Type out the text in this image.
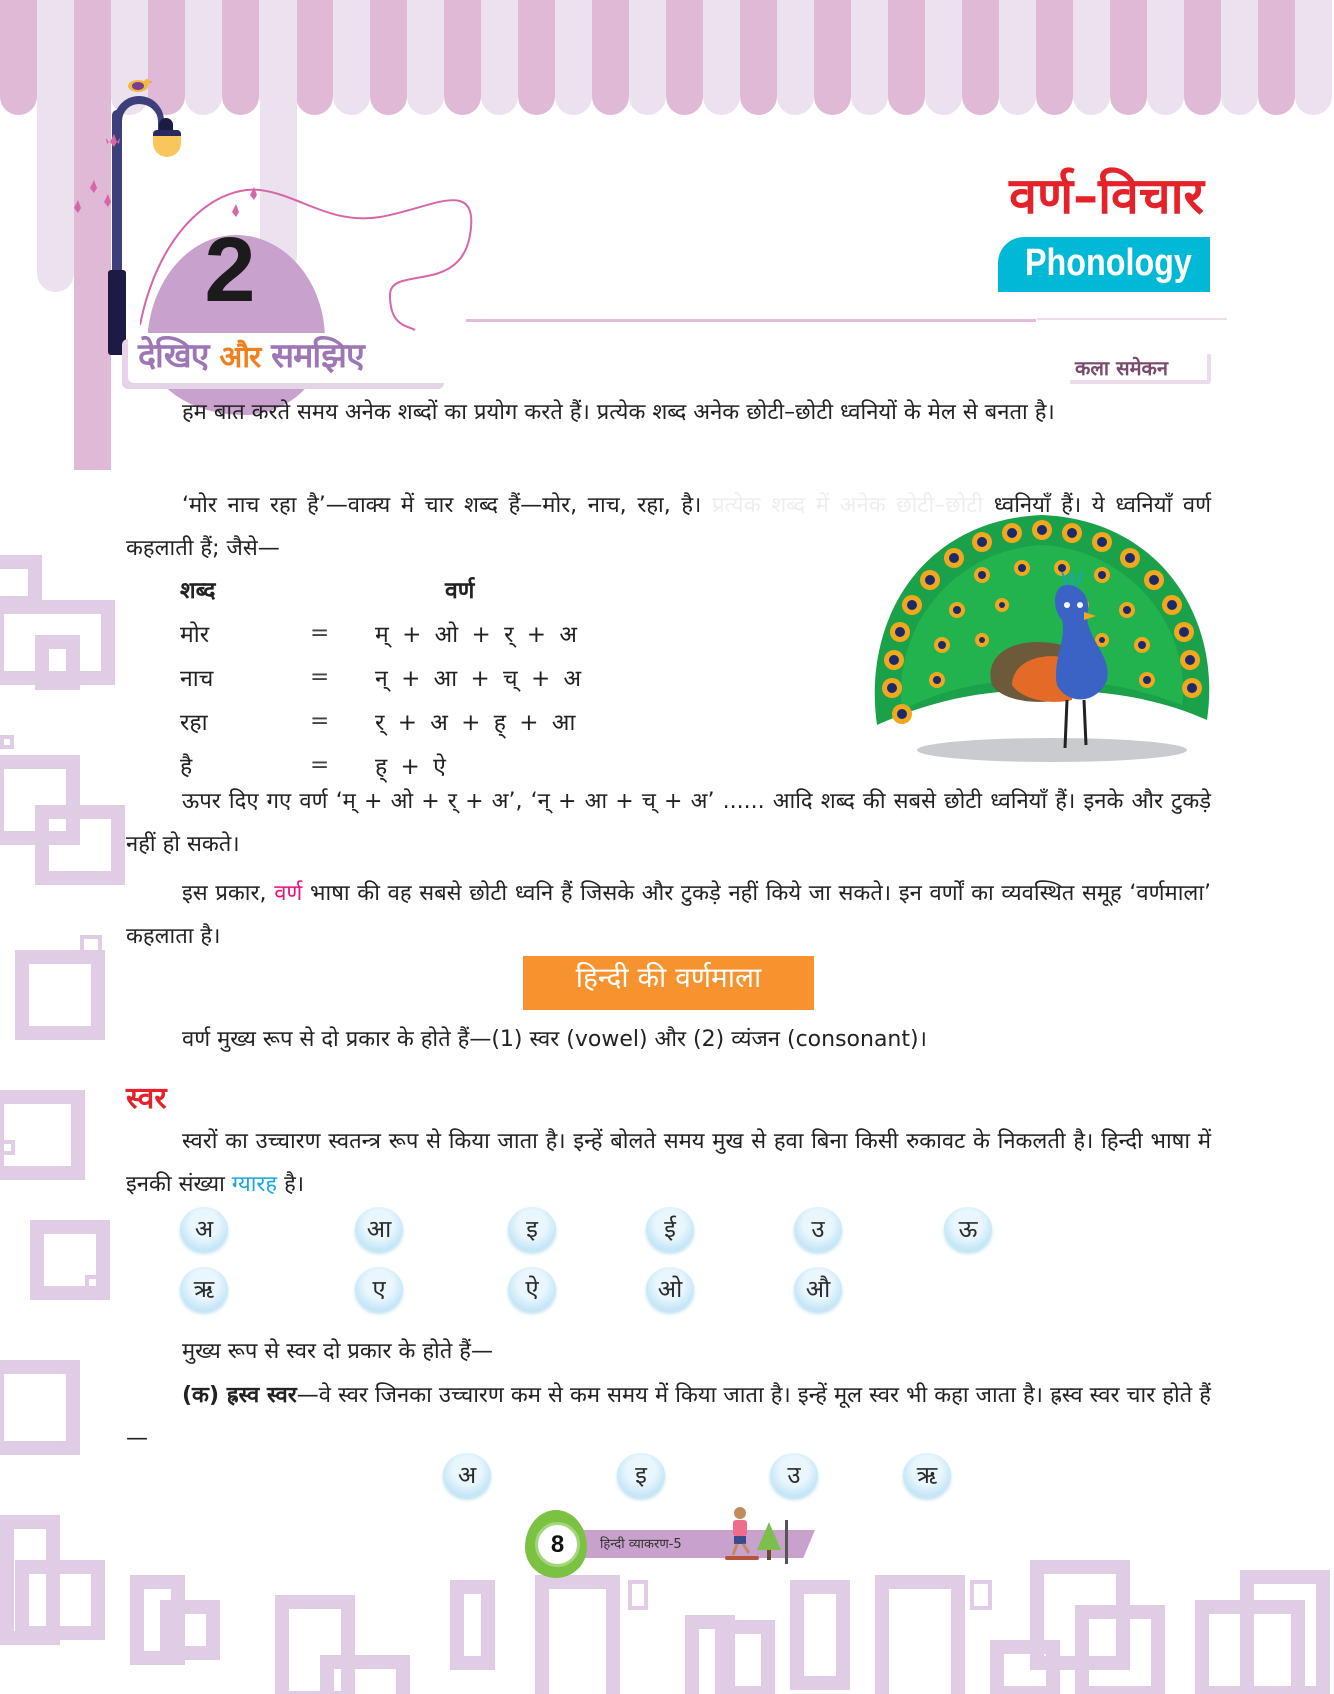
2
देखिए और समझिए
वर्ण–विचार
Phonology
कला समेकन
हम बात करते समय अनेक शब्दों का प्रयोग करते हैं। प्रत्येक शब्द अनेक छोटी–छोटी ध्वनियों के मेल से बनता है।
‘मोर नाच रहा है’—वाक्य में चार शब्द हैं—मोर, नाच, रहा, है। प्रत्येक शब्द में अनेक छोटी–छोटी ध्वनियाँ हैं। ये ध्वनियाँ वर्ण कहलाती हैं; जैसे—
शब्द	वर्ण
मोर	=	म् + ओ + र् + अ
नाच	=	न् + आ + च् + अ
रहा	=	र् + अ + ह् + आ
है	=	ह् + ऐ
ऊपर दिए गए वर्ण ‘म् + ओ + र् + अ’, ‘न् + आ + च् + अ’ ...... आदि शब्द की सबसे छोटी ध्वनियाँ हैं। इनके और टुकड़े नहीं हो सकते।
इस प्रकार, वर्ण भाषा की वह सबसे छोटी ध्वनि हैं जिसके और टुकड़े नहीं किये जा सकते। इन वर्णों का व्यवस्थित समूह ‘वर्णमाला’ कहलाता है।
हिन्दी की वर्णमाला
वर्ण मुख्य रूप से दो प्रकार के होते हैं—(1) स्वर (vowel) और (2) व्यंजन (consonant)।
स्वर
स्वरों का उच्चारण स्वतन्त्र रूप से किया जाता है। इन्हें बोलते समय मुख से हवा बिना किसी रुकावट के निकलती है। हिन्दी भाषा में इनकी संख्या ग्यारह है।
अ	आ	इ	ई	उ	ऊ
ऋ	ए	ऐ	ओ	औ
मुख्य रूप से स्वर दो प्रकार के होते हैं—
(क) ह्रस्व स्वर—वे स्वर जिनका उच्चारण कम से कम समय में किया जाता है। इन्हें मूल स्वर भी कहा जाता है। ह्रस्व स्वर चार होते हैं—
अ	इ	उ	ऋ
8	हिन्दी व्याकरण-5
